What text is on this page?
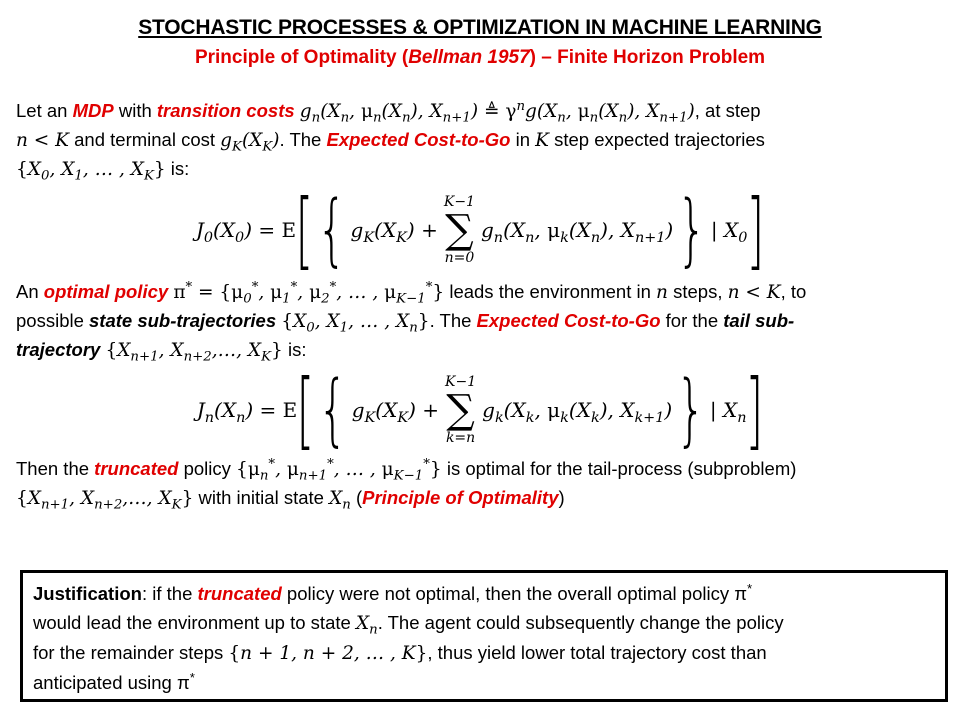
STOCHASTIC PROCESSES & OPTIMIZATION IN MACHINE LEARNING
Principle of Optimality (Bellman 1957) – Finite Horizon Problem
Let an MDP with transition costs $g_n(X_n$, $\mu_n(X_n)$, $X_{n+1}$) ≜ $\gamma^ng(X_n$, $\mu_n(X_n)$, $X_{n+1}$), at step
n < K and terminal cost $g_K(X_K)$. The Expected Cost-to-Go in K step expected trajectories
{$X_0$, $X_1$, … , $X_K$} is:
$J_0(X_0) = E$ [ { $g_K(X_K)$ +
K−1
∑
n=0
$g_n(X_n$, $\mu_k(X_n)$, $X_{n+1}$) } | $X_0$ ]
An optimal policy $\pi^* = \{\mu_0^*$, $\mu_1^*$, $\mu_2^*$, … , $\mu_{K-1}^*$} leads the environment in n steps, n < K, to
possible state sub-trajectories {$X_0$, $X_1$, … , $X_n$}. The Expected Cost-to-Go for the tail sub-
trajectory {$X_{n+1}$, $X_{n+2},\dots$, $X_K$} is:
$J_n(X_n) = E$ [ { $g_K(X_K)$ +
K−1
∑
k=n
$g_k(X_k$, $\mu_k(X_k)$, $X_{k+1}$) } | $X_n$ ]
Then the truncated policy {$\mu_n^*$, $\mu_{n+1}^*$, … , $\mu_{K-1}^*$} is optimal for the tail-process (subproblem)
{$X_{n+1}$, $X_{n+2},\dots$, $X_K$} with initial state $X_n$ (Principle of Optimality)
Justification: if the truncated policy were not optimal, then the overall optimal policy π*
would lead the environment up to state $X_n$. The agent could subsequently change the policy
for the remainder steps {n + 1, n + 2, … , K}, thus yield lower total trajectory cost than
anticipated using π*
